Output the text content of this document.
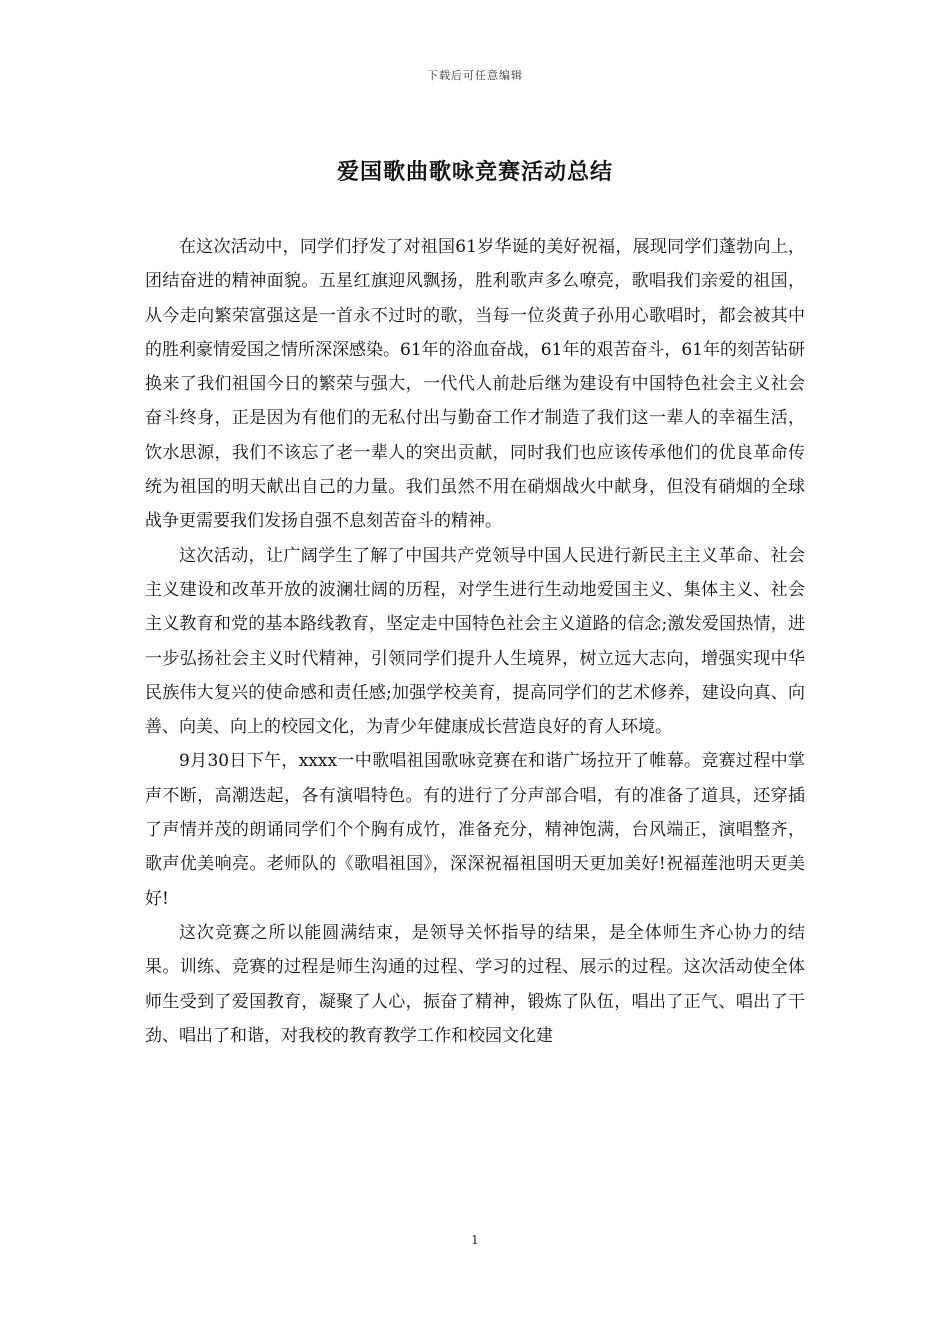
下载后可任意编辑
爱国歌曲歌咏竞赛活动总结

在这次活动中，同学们抒发了对祖国61岁华诞的美好祝福，展现同学们蓬勃向上，团结奋进的精神面貌。五星红旗迎风飘扬，胜利歌声多么嘹亮，歌唱我们亲爱的祖国，从今走向繁荣富强这是一首永不过时的歌，当每一位炎黄子孙用心歌唱时，都会被其中的胜利豪情爱国之情所深深感染。61年的浴血奋战，61年的艰苦奋斗，61年的刻苦钻研换来了我们祖国今日的繁荣与强大，一代代人前赴后继为建设有中国特色社会主义社会奋斗终身，正是因为有他们的无私付出与勤奋工作才制造了我们这一辈人的幸福生活，饮水思源，我们不该忘了老一辈人的突出贡献，同时我们也应该传承他们的优良革命传统为祖国的明天献出自己的力量。我们虽然不用在硝烟战火中献身，但没有硝烟的全球战争更需要我们发扬自强不息刻苦奋斗的精神。

这次活动，让广阔学生了解了中国共产党领导中国人民进行新民主主义革命、社会主义建设和改革开放的波澜壮阔的历程，对学生进行生动地爱国主义、集体主义、社会主义教育和党的基本路线教育，坚定走中国特色社会主义道路的信念;激发爱国热情，进一步弘扬社会主义时代精神，引领同学们提升人生境界，树立远大志向，增强实现中华民族伟大复兴的使命感和责任感;加强学校美育，提高同学们的艺术修养，建设向真、向善、向美、向上的校园文化，为青少年健康成长营造良好的育人环境。

9月30日下午，xxxx一中歌唱祖国歌咏竞赛在和谐广场拉开了帷幕。竞赛过程中掌声不断，高潮迭起，各有演唱特色。有的进行了分声部合唱，有的准备了道具，还穿插了声情并茂的朗诵同学们个个胸有成竹，准备充分，精神饱满，台风端正，演唱整齐，歌声优美响亮。老师队的《歌唱祖国》，深深祝福祖国明天更加美好!祝福莲池明天更美好!

这次竞赛之所以能圆满结束，是领导关怀指导的结果，是全体师生齐心协力的结果。训练、竞赛的过程是师生沟通的过程、学习的过程、展示的过程。这次活动使全体师生受到了爱国教育，凝聚了人心，振奋了精神，锻炼了队伍，唱出了正气、唱出了干劲、唱出了和谐，对我校的教育教学工作和校园文化建

1
